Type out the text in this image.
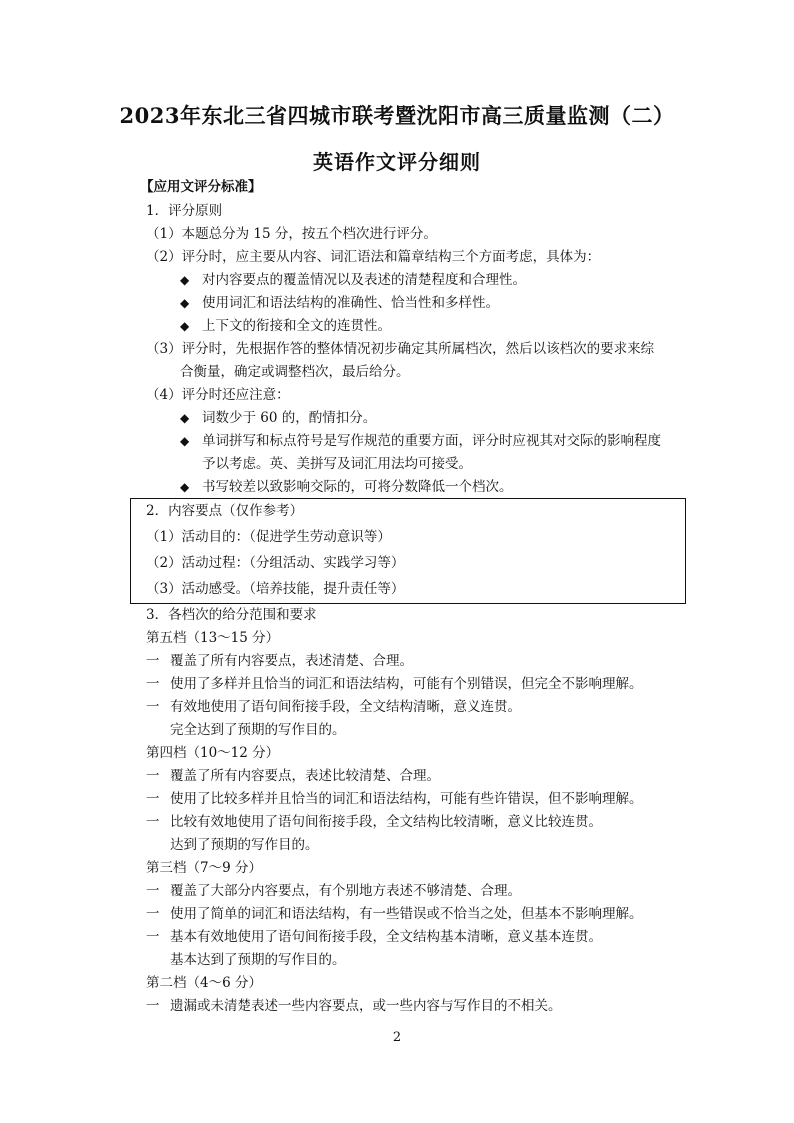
2023年东北三省四城市联考暨沈阳市高三质量监测（二）
英语作文评分细则
【应用文评分标准】
1．评分原则
（1）本题总分为 15 分，按五个档次进行评分。
（2）评分时，应主要从内容、词汇语法和篇章结构三个方面考虑，具体为：
◆ 对内容要点的覆盖情况以及表述的清楚程度和合理性。
◆ 使用词汇和语法结构的准确性、恰当性和多样性。
◆ 上下文的衔接和全文的连贯性。
（3）评分时，先根据作答的整体情况初步确定其所属档次，然后以该档次的要求来综
合衡量，确定或调整档次，最后给分。
（4）评分时还应注意：
◆ 词数少于 60 的，酌情扣分。
◆ 单词拼写和标点符号是写作规范的重要方面，评分时应视其对交际的影响程度
予以考虑。英、美拼写及词汇用法均可接受。
◆ 书写较差以致影响交际的，可将分数降低一个档次。
2．内容要点（仅作参考）
（1）活动目的：（促进学生劳动意识等）
（2）活动过程：（分组活动、实践学习等）
（3）活动感受。（培养技能，提升责任等）
3．各档次的给分范围和要求
第五档（13～15 分）
一 覆盖了所有内容要点，表述清楚、合理。
一 使用了多样并且恰当的词汇和语法结构，可能有个别错误，但完全不影响理解。
一 有效地使用了语句间衔接手段，全文结构清晰，意义连贯。
完全达到了预期的写作目的。
第四档（10～12 分）
一 覆盖了所有内容要点，表述比较清楚、合理。
一 使用了比较多样并且恰当的词汇和语法结构，可能有些许错误，但不影响理解。
一 比较有效地使用了语句间衔接手段，全文结构比较清晰，意义比较连贯。
达到了预期的写作目的。
第三档（7～9 分）
一 覆盖了大部分内容要点，有个别地方表述不够清楚、合理。
一 使用了简单的词汇和语法结构，有一些错误或不恰当之处，但基本不影响理解。
一 基本有效地使用了语句间衔接手段，全文结构基本清晰，意义基本连贯。
基本达到了预期的写作目的。
第二档（4～6 分）
一 遗漏或未清楚表述一些内容要点，或一些内容与写作目的不相关。
2
